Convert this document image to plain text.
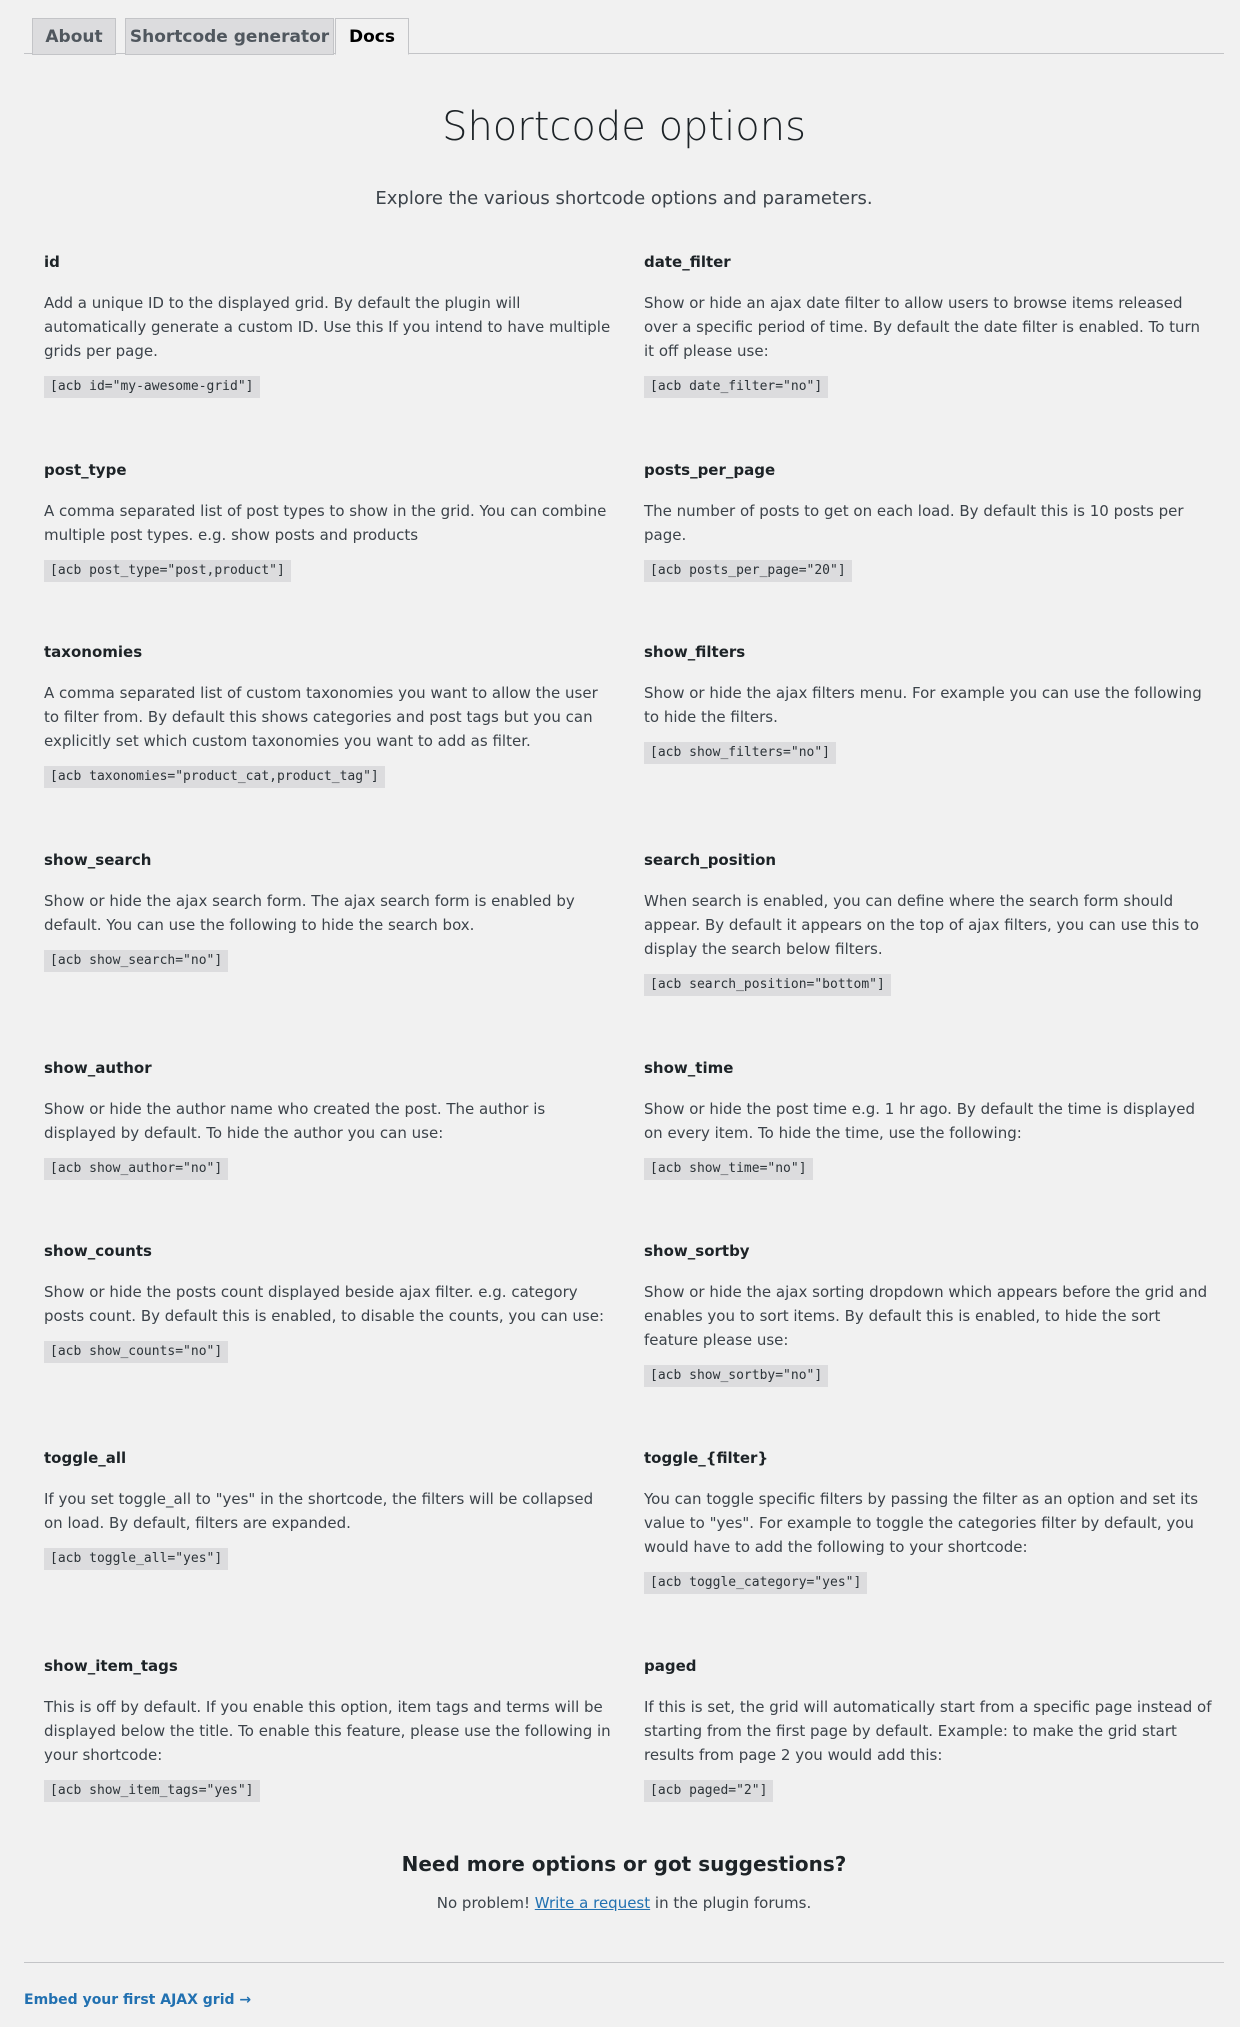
About	Shortcode generator	Docs
Shortcode options

Explore the various shortcode options and parameters.

id
Add a unique ID to the displayed grid. By default the plugin will automatically generate a custom ID. Use this If you intend to have multiple grids per page.
[acb id="my-awesome-grid"]
date_filter
Show or hide an ajax date filter to allow users to browse items released over a specific period of time. By default the date filter is enabled. To turn it off please use:
[acb date_filter="no"]
post_type
A comma separated list of post types to show in the grid. You can combine multiple post types. e.g. show posts and products
[acb post_type="post,product"]
posts_per_page
The number of posts to get on each load. By default this is 10 posts per page.
[acb posts_per_page="20"]
taxonomies
A comma separated list of custom taxonomies you want to allow the user to filter from. By default this shows categories and post tags but you can explicitly set which custom taxonomies you want to add as filter.
[acb taxonomies="product_cat,product_tag"]
show_filters
Show or hide the ajax filters menu. For example you can use the following to hide the filters.
[acb show_filters="no"]
show_search
Show or hide the ajax search form. The ajax search form is enabled by default. You can use the following to hide the search box.
[acb show_search="no"]
search_position
When search is enabled, you can define where the search form should appear. By default it appears on the top of ajax filters, you can use this to display the search below filters.
[acb search_position="bottom"]
show_author
Show or hide the author name who created the post. The author is displayed by default. To hide the author you can use:
[acb show_author="no"]
show_time
Show or hide the post time e.g. 1 hr ago. By default the time is displayed on every item. To hide the time, use the following:
[acb show_time="no"]
show_counts
Show or hide the posts count displayed beside ajax filter. e.g. category posts count. By default this is enabled, to disable the counts, you can use:
[acb show_counts="no"]
show_sortby
Show or hide the ajax sorting dropdown which appears before the grid and enables you to sort items. By default this is enabled, to hide the sort feature please use:
[acb show_sortby="no"]
toggle_all
If you set toggle_all to "yes" in the shortcode, the filters will be collapsed on load. By default, filters are expanded.
[acb toggle_all="yes"]
toggle_{filter}
You can toggle specific filters by passing the filter as an option and set its value to "yes". For example to toggle the categories filter by default, you would have to add the following to your shortcode:
[acb toggle_category="yes"]
show_item_tags
This is off by default. If you enable this option, item tags and terms will be displayed below the title. To enable this feature, please use the following in your shortcode:
[acb show_item_tags="yes"]
paged
If this is set, the grid will automatically start from a specific page instead of starting from the first page by default. Example: to make the grid start results from page 2 you would add this:
[acb paged="2"]
Need more options or got suggestions?

No problem! Write a request in the plugin forums.

Embed your first AJAX grid →
